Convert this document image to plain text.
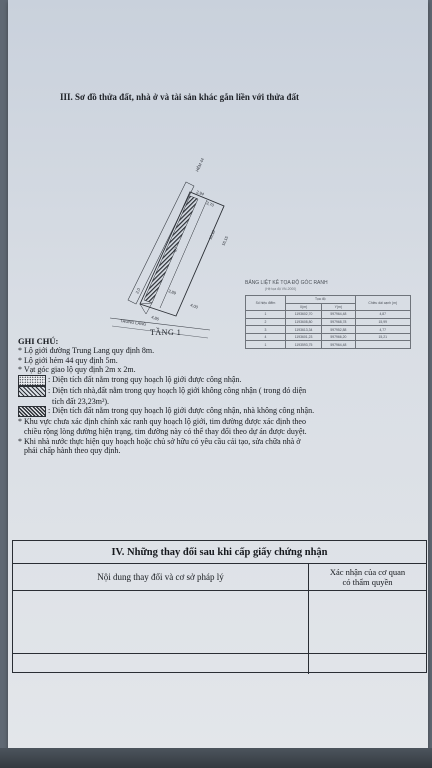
III. Sơ đồ thửa đất, nhà ở và tài sản khác gắn liền với thửa đất
HẺM 44
TRUNG LANG
87
3,70
2,94
16,16
16,15
4,86
3,89
2,0
4,00
TẦNG 1
BẢNG LIỆT KÊ TỌA ĐỘ GÓC RANH
(Hệ tọa độ VN-2000)
Số hiệu điểm	Tọa độ		Chiều dài cạnh (m)
	X(m)	Y(m)	
1	1193602,70	597964,48	4,87
2	1193608,80	597968,78	15,99
3	1193613,34	597952,88	4,77
4	1193601,23	597966,20	15,21
1	1193593,75	597964,48	
GHI CHÚ:
* Lộ giới đường Trung Lang quy định 8m.
* Lộ giới hẻm 44 quy định 5m.
* Vạt góc giao lộ quy định 2m x 2m.
: Diện tích đất nằm trong quy hoạch lộ giới được công nhận.
: Diện tích nhà,đất nằm trong quy hoạch lộ giới không công nhận ( trong đó diện
tích đất 23,23m²).
: Diện tích đất nằm trong quy hoạch lộ giới được công nhận, nhà không công nhận.
* Khu vực chưa xác định chính xác ranh quy hoạch lộ giới, tim đường được xác định theo
chiều rộng lòng đường hiện trạng, tim đường này có thể thay đổi theo dự án được duyệt.
* Khi nhà nước thực hiện quy hoạch hoặc chủ sở hữu có yêu cầu cải tạo, sửa chữa nhà ở
phải chấp hành theo quy định.
IV. Những thay đổi sau khi cấp giấy chứng nhận
Nội dung thay đổi và cơ sở pháp lý	Xác nhận của cơ quan
có thẩm quyền
